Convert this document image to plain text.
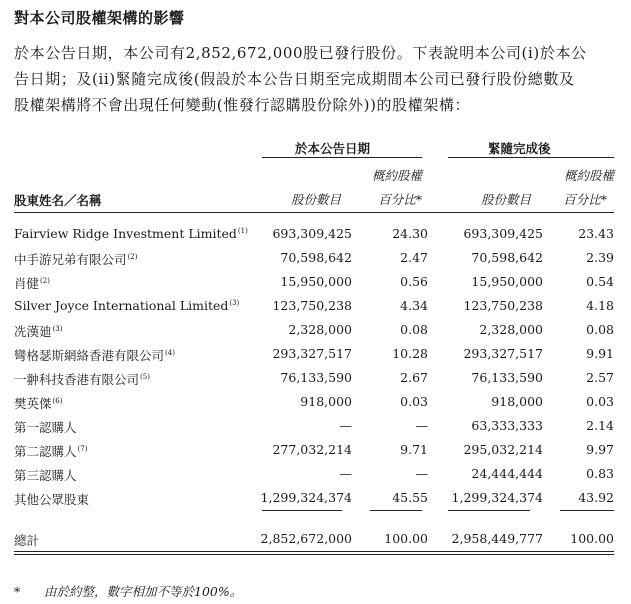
對本公司股權架構的影響
於本公告日期，本公司有2,852,672,000股已發行股份。下表說明本公司(i)於本公
告日期；及(ii)緊隨完成後(假設於本公告日期至完成期間本公司已發行股份總數及
股權架構將不會出現任何變動(惟發行認購股份除外))的股權架構：
於本公告日期	緊隨完成後
概約股權	概約股權
股東姓名／名稱	股份數目	百分比*	股份數目	百分比*
Fairview Ridge Investment Limited$^{(1)}$ 693,309,425	24.30	693,309,425	23.43
中手游兄弟有限公司$^{(2)}$	70,598,642	2.47	70,598,642	2.39
肖健$^{(2)}$	15,950,000	0.56	15,950,000	0.54
Silver Joyce International Limited$^{(3)}$	123,750,238	4.34	123,750,238	4.18
冼漢廸$^{(3)}$	2,328,000	0.08	2,328,000	0.08
彎格瑟斯網絡香港有限公司$^{(4)}$	293,327,517	10.28	293,327,517	9.91
一翀科技香港有限公司$^{(5)}$	76,133,590	2.67	76,133,590	2.57
樊英傑$^{(6)}$	918,000	0.03	918,000	0.03
第一認購人	—	—	63,333,333	2.14
第二認購人$^{(7)}$	277,032,214	9.71	295,032,214	9.97
第三認購人	—	—	24,444,444	0.83
其他公眾股東	1,299,324,374	45.55 1,299,324,374	43.92
總計	2,852,672,000	100.00 2,958,449,777 100.00
* 由於約整，數字相加不等於100%。
